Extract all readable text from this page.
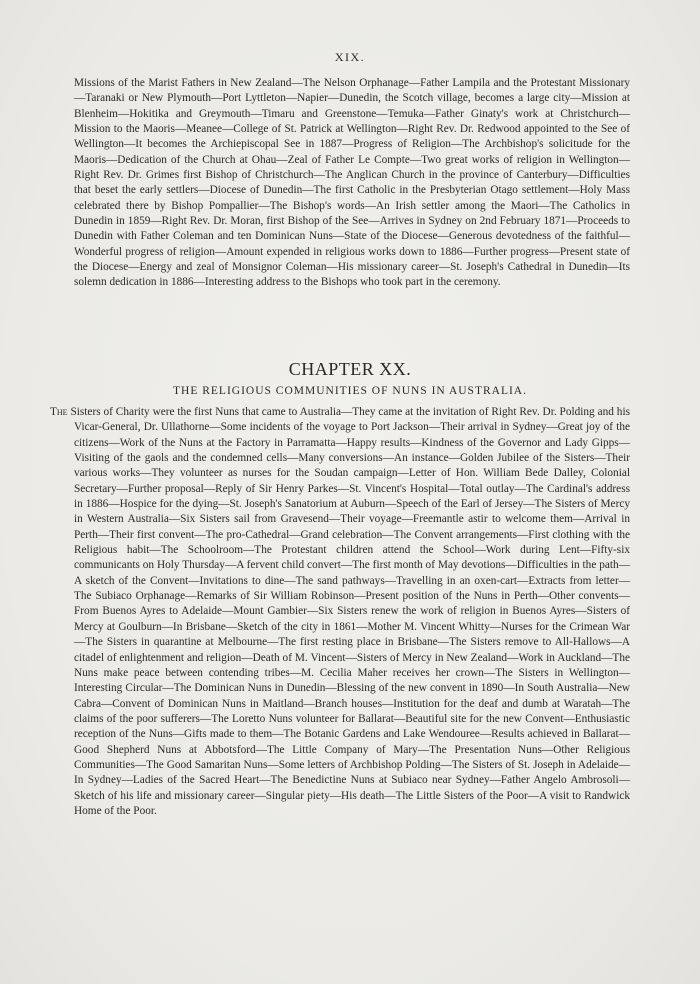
XIX.

Missions of the Marist Fathers in New Zealand—The Nelson Orphanage—Father Lampila and the Protestant Missionary—Taranaki or New Plymouth—Port Lyttleton—Napier—Dunedin, the Scotch village, becomes a large city—Mission at Blenheim—Hokitika and Greymouth—Timaru and Greenstone—Temuka—Father Ginaty's work at Christchurch—Mission to the Maoris—Meanee—College of St. Patrick at Wellington—Right Rev. Dr. Redwood appointed to the See of Wellington—It becomes the Archiepiscopal See in 1887—Progress of Religion—The Archbishop's solicitude for the Maoris—Dedication of the Church at Ohau—Zeal of Father Le Compte—Two great works of religion in Wellington—Right Rev. Dr. Grimes first Bishop of Christchurch—The Anglican Church in the province of Canterbury—Difficulties that beset the early settlers—Diocese of Dunedin—The first Catholic in the Presbyterian Otago settlement—Holy Mass celebrated there by Bishop Pompallier—The Bishop's words—An Irish settler among the Maori—The Catholics in Dunedin in 1859—Right Rev. Dr. Moran, first Bishop of the See—Arrives in Sydney on 2nd February 1871—Proceeds to Dunedin with Father Coleman and ten Dominican Nuns—State of the Diocese—Generous devotedness of the faithful—Wonderful progress of religion—Amount expended in religious works down to 1886—Further progress—Present state of the Diocese—Energy and zeal of Monsignor Coleman—His missionary career—St. Joseph's Cathedral in Dunedin—Its solemn dedication in 1886—Interesting address to the Bishops who took part in the ceremony.

CHAPTER XX.
THE RELIGIOUS COMMUNITIES OF NUNS IN AUSTRALIA.

The Sisters of Charity were the first Nuns that came to Australia—They came at the invitation of Right Rev. Dr. Polding and his Vicar-General, Dr. Ullathorne—Some incidents of the voyage to Port Jackson—Their arrival in Sydney—Great joy of the citizens—Work of the Nuns at the Factory in Parramatta—Happy results—Kindness of the Governor and Lady Gipps—Visiting of the gaols and the condemned cells—Many conversions—An instance—Golden Jubilee of the Sisters—Their various works—They volunteer as nurses for the Soudan campaign—Letter of Hon. William Bede Dalley, Colonial Secretary—Further proposal—Reply of Sir Henry Parkes—St. Vincent's Hospital—Total outlay—The Cardinal's address in 1886—Hospice for the dying—St. Joseph's Sanatorium at Auburn—Speech of the Earl of Jersey—The Sisters of Mercy in Western Australia—Six Sisters sail from Gravesend—Their voyage—Freemantle astir to welcome them—Arrival in Perth—Their first convent—The pro-Cathedral—Grand celebration—The Convent arrangements—First clothing with the Religious habit—The Schoolroom—The Protestant children attend the School—Work during Lent—Fifty-six communicants on Holy Thursday—A fervent child convert—The first month of May devotions—Difficulties in the path—A sketch of the Convent—Invitations to dine—The sand pathways—Travelling in an oxen-cart—Extracts from letter—The Subiaco Orphanage—Remarks of Sir William Robinson—Present position of the Nuns in Perth—Other convents—From Buenos Ayres to Adelaide—Mount Gambier—Six Sisters renew the work of religion in Buenos Ayres—Sisters of Mercy at Goulburn—In Brisbane—Sketch of the city in 1861—Mother M. Vincent Whitty—Nurses for the Crimean War—The Sisters in quarantine at Melbourne—The first resting place in Brisbane—The Sisters remove to All-Hallows—A citadel of enlightenment and religion—Death of M. Vincent—Sisters of Mercy in New Zealand—Work in Auckland—The Nuns make peace between contending tribes—M. Cecilia Maher receives her crown—The Sisters in Wellington—Interesting Circular—The Dominican Nuns in Dunedin—Blessing of the new convent in 1890—In South Australia—New Cabra—Convent of Dominican Nuns in Maitland—Branch houses—Institution for the deaf and dumb at Waratah—The claims of the poor sufferers—The Loretto Nuns volunteer for Ballarat—Beautiful site for the new Convent—Enthusiastic reception of the Nuns—Gifts made to them—The Botanic Gardens and Lake Wendouree—Results achieved in Ballarat—Good Shepherd Nuns at Abbotsford—The Little Company of Mary—The Presentation Nuns—Other Religious Communities—The Good Samaritan Nuns—Some letters of Archbishop Polding—The Sisters of St. Joseph in Adelaide—In Sydney—Ladies of the Sacred Heart—The Benedictine Nuns at Subiaco near Sydney—Father Angelo Ambrosoli—Sketch of his life and missionary career—Singular piety—His death—The Little Sisters of the Poor—A visit to Randwick Home of the Poor.
